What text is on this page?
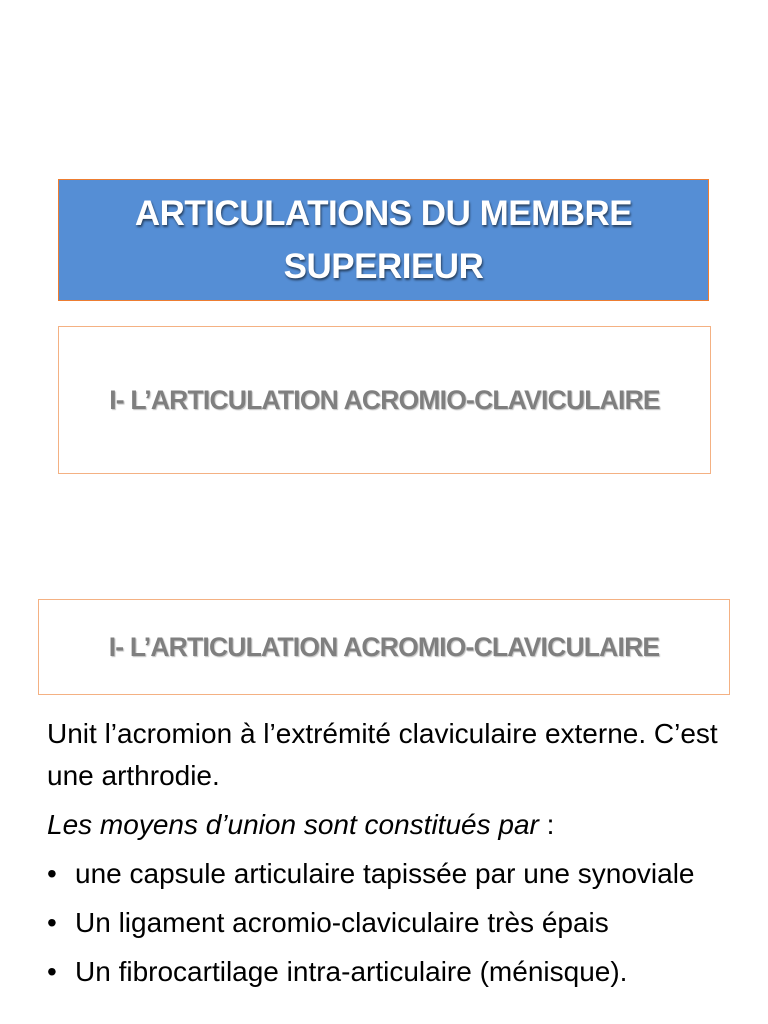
ARTICULATIONS DU MEMBRE SUPERIEUR
I- L’ARTICULATION ACROMIO-CLAVICULAIRE
I- L’ARTICULATION ACROMIO-CLAVICULAIRE

Unit l’acromion à l’extrémité claviculaire externe. C’est une arthrodie.

Les moyens d’union sont constitués par :

• une capsule articulaire tapissée par une synoviale
• Un ligament acromio-claviculaire très épais
• Un fibrocartilage intra-articulaire (ménisque).
